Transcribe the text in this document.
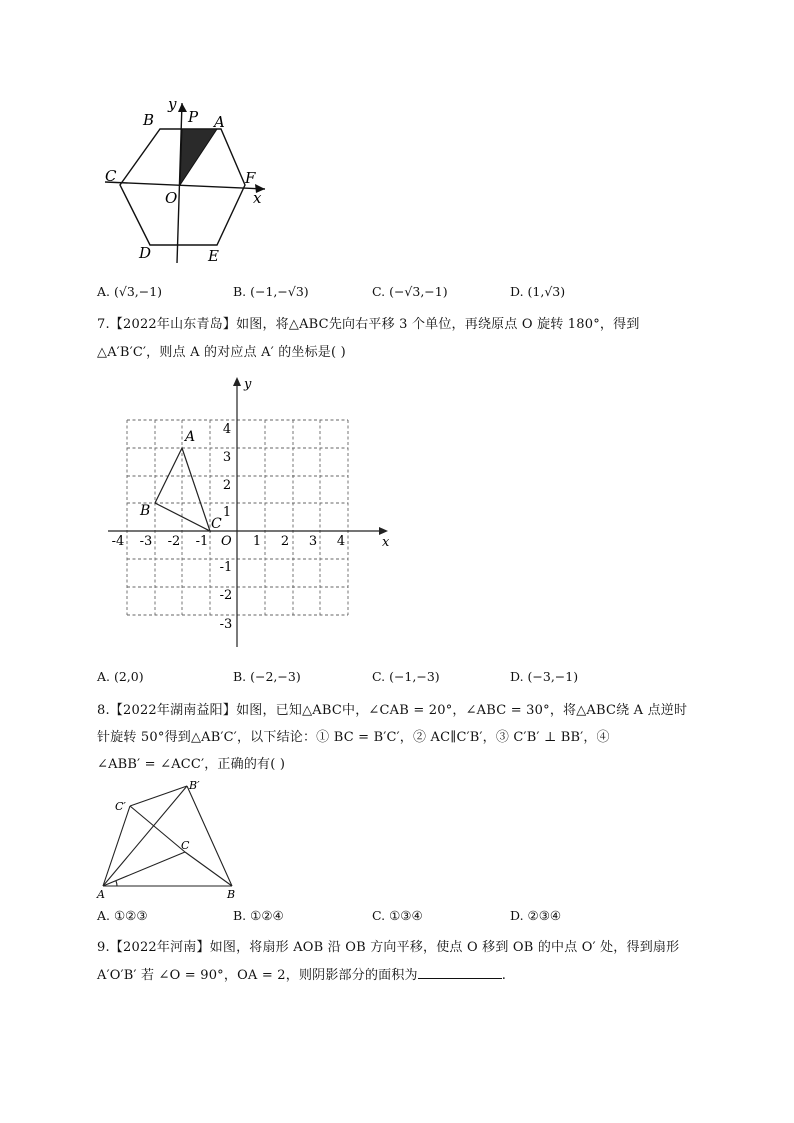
B
y
P A
C
O
F
x
D	E
A. (√3,−1)	B. (−1,−√3)	C. (−√3,−1)	D. (1,√3)
7.【2022年山东青岛】如图，将△ABC先向右平移 3 个单位，再绕原点 O 旋转 180°，得到
△A′B′C′，则点 A 的对应点 A′ 的坐标是( )
x
y
O
-4 -3 -2 -1	1 2 3 4
4
3
2
1
-1
-2
-3
A
B
C
A. (2,0)	B. (−2,−3)	C. (−1,−3)	D. (−3,−1)
8.【2022年湖南益阳】如图，已知△ABC中，∠CAB = 20°，∠ABC = 30°，将△ABC绕 A 点逆时
针旋转 50°得到△AB′C′，以下结论：① BC = B′C′，② AC∥C′B′，③ C′B′ ⊥ BB′，④
∠ABB′ = ∠ACC′，正确的有( )
B′
C′
C
A	B
A. ①②③	B. ①②④	C. ①③④	D. ②③④
9.【2022年河南】如图，将扇形 AOB 沿 OB 方向平移，使点 O 移到 OB 的中点 O′ 处，得到扇形
A′O′B′ 若 ∠O = 90°，OA = 2，则阴影部分的面积为	.
